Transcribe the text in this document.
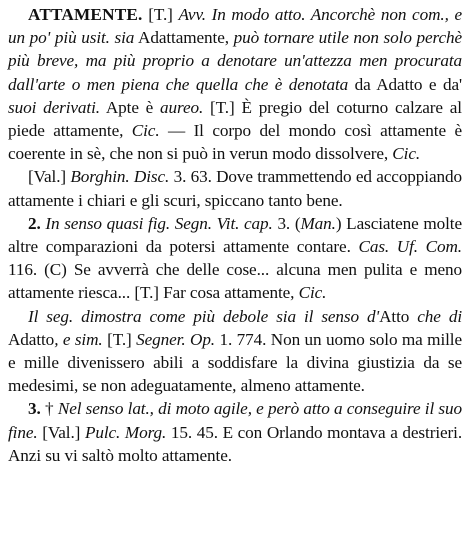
ATTAMENTE. [T.] Avv. In modo atto. Ancorchè non com., e un po' più usit. sia Adattamente, può tornare utile non solo perchè più breve, ma più proprio a denotare un'attezza men procurata dall'arte o men piena che quella che è denotata da Adatto e da' suoi derivati. Apte è aureo. [T.] È pregio del coturno calzare al piede attamente, Cic. — Il corpo del mondo così attamente è coerente in sè, che non si può in verun modo dissolvere, Cic.

[Val.] Borghin. Disc. 3. 63. Dove trammettendo ed accoppiando attamente i chiari e gli scuri, spiccano tanto bene.

2. In senso quasi fig. Segn. Vit. cap. 3. (Man.) Lasciatene molte altre comparazioni da potersi attamente contare. Cas. Uf. Com. 116. (C) Se avverrà che delle cose... alcuna men pulita e meno attamente riesca... [T.] Far cosa attamente, Cic.

Il seg. dimostra come più debole sia il senso d'Atto che di Adatto, e sim. [T.] Segner. Op. 1. 774. Non un uomo solo ma mille e mille divenissero abili a soddisfare la divina giustizia da se medesimi, se non adeguatamente, almeno attamente.

3. † Nel senso lat., di moto agile, e però atto a conseguire il suo fine. [Val.] Pulc. Morg. 15. 45. E con Orlando montava a destrieri. Anzi su vi saltò molto attamente.
